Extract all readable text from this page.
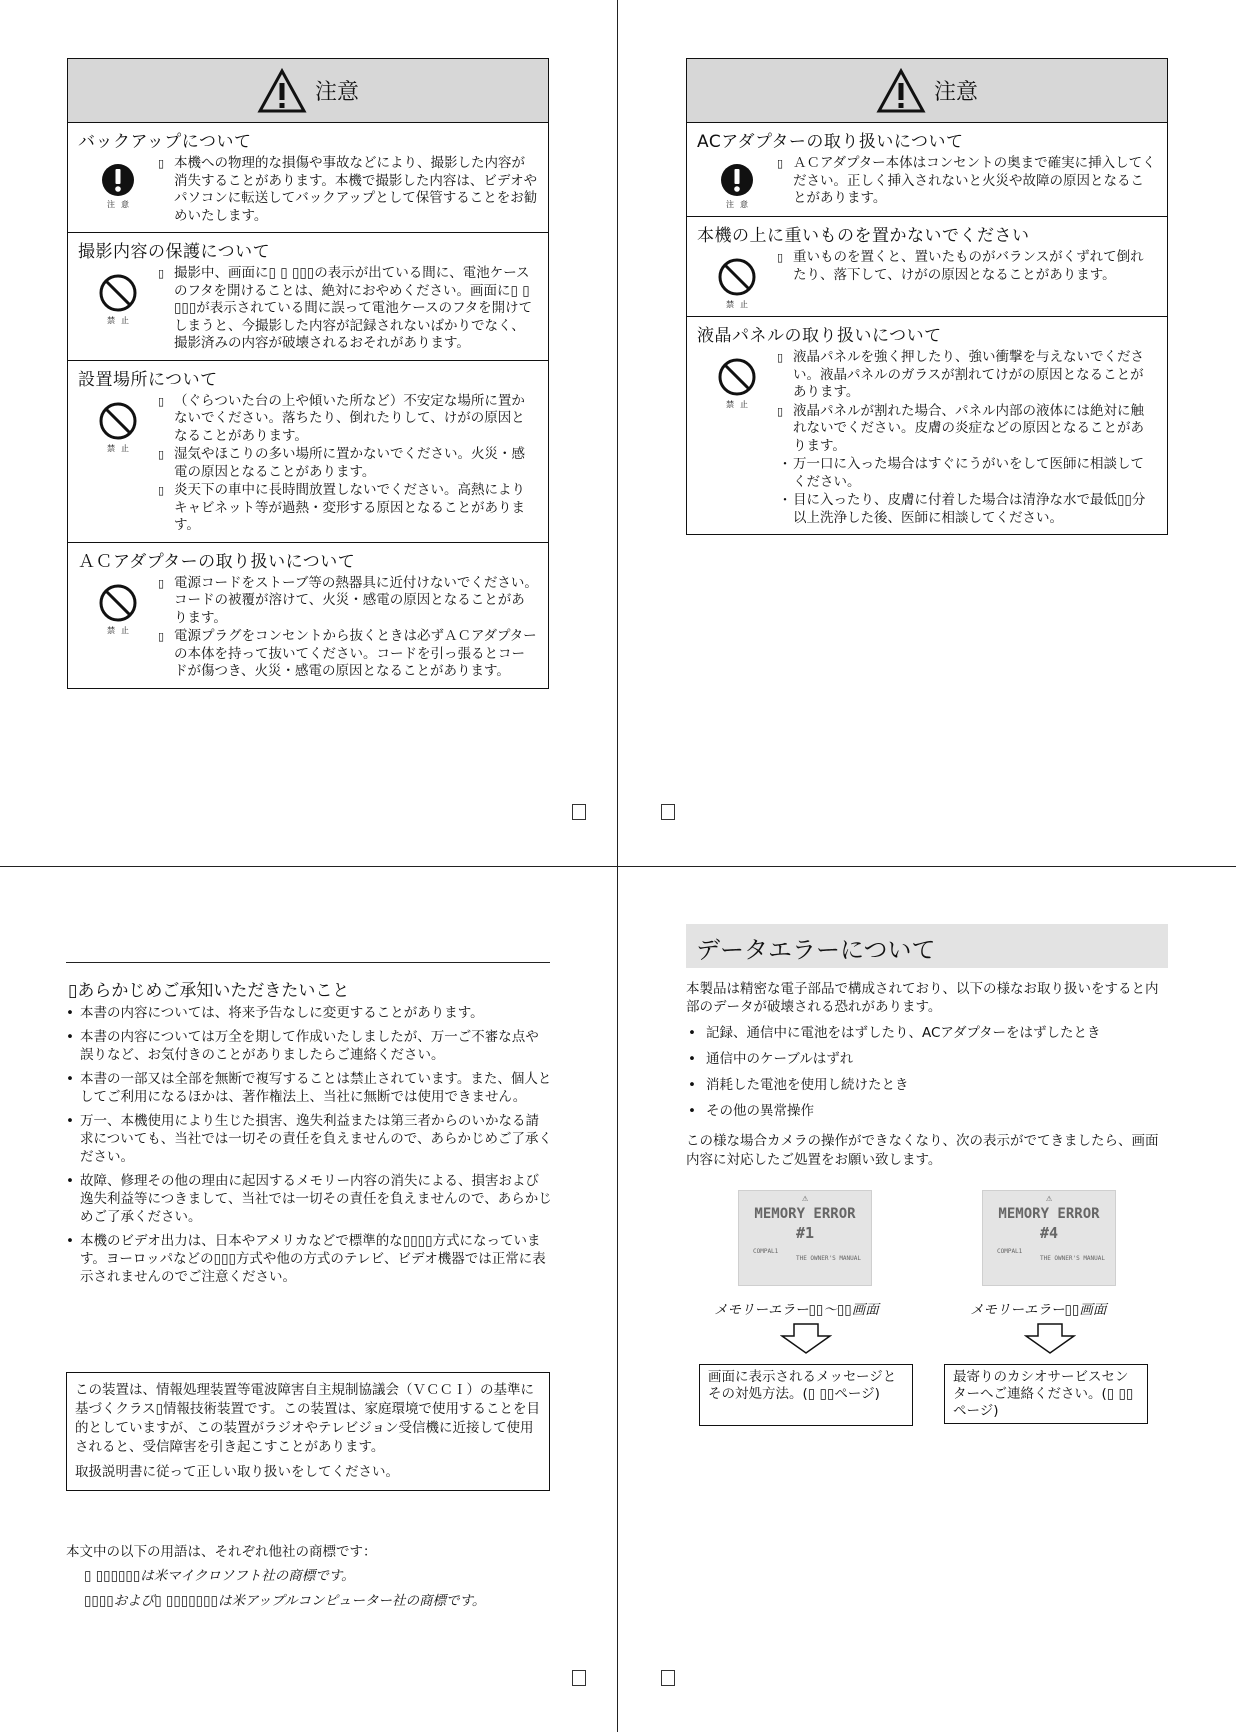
注意
バックアップについて
注意
▯ 本機への物理的な損傷や事故などにより、撮影した内容が消失することがあります。本機で撮影した内容は、ビデオやパソコンに転送してバックアップとして保管することをお勧めいたします。
撮影内容の保護について
禁止
▯ 撮影中、画面に▯ ▯ ▯▯▯の表示が出ている間に、電池ケースのフタを開けることは、絶対におやめください。画面に▯ ▯ ▯▯▯が表示されている間に誤って電池ケースのフタを開けてしまうと、今撮影した内容が記録されないばかりでなく、撮影済みの内容が破壊されるおそれがあります。
設置場所について
禁止
▯ （ぐらついた台の上や傾いた所など）不安定な場所に置かないでください。落ちたり、倒れたりして、けがの原因となることがあります。
▯ 湿気やほこりの多い場所に置かないでください。火災・感電の原因となることがあります。
▯ 炎天下の車中に長時間放置しないでください。高熱によりキャビネット等が過熱・変形する原因となることがあります。
ＡＣアダプターの取り扱いについて
禁止
▯ 電源コードをストーブ等の熱器具に近付けないでください。コードの被覆が溶けて、火災・感電の原因となることがあります。
▯ 電源プラグをコンセントから抜くときは必ずＡＣアダプターの本体を持って抜いてください。コードを引っ張るとコードが傷つき、火災・感電の原因となることがあります。
注意
ACアダプターの取り扱いについて
注意
▯ ＡＣアダプター本体はコンセントの奥まで確実に挿入してください。正しく挿入されないと火災や故障の原因となることがあります。
本機の上に重いものを置かないでください
禁止
▯ 重いものを置くと、置いたものがバランスがくずれて倒れたり、落下して、けがの原因となることがあります。
液晶パネルの取り扱いについて
禁止
▯ 液晶パネルを強く押したり、強い衝撃を与えないでください。液晶パネルのガラスが割れてけがの原因となることがあります。
▯ 液晶パネルが割れた場合、パネル内部の液体には絶対に触れないでください。皮膚の炎症などの原因となることがあります。
・ 万一口に入った場合はすぐにうがいをして医師に相談してください。
・ 目に入ったり、皮膚に付着した場合は清浄な水で最低▯▯分以上洗浄した後、医師に相談してください。
▯あらかじめご承知いただきたいこと
• 本書の内容については、将来予告なしに変更することがあります。
• 本書の内容については万全を期して作成いたしましたが、万一ご不審な点や誤りなど、お気付きのことがありましたらご連絡ください。
• 本書の一部又は全部を無断で複写することは禁止されています。また、個人としてご利用になるほかは、著作権法上、当社に無断では使用できません。
• 万一、本機使用により生じた損害、逸失利益または第三者からのいかなる請求についても、当社では一切その責任を負えませんので、あらかじめご了承ください。
• 故障、修理その他の理由に起因するメモリー内容の消失による、損害および逸失利益等につきまして、当社では一切その責任を負えませんので、あらかじめご了承ください。
• 本機のビデオ出力は、日本やアメリカなどで標準的な▯▯▯▯方式になっています。ヨーロッパなどの▯▯▯方式や他の方式のテレビ、ビデオ機器では正常に表示されませんのでご注意ください。

この装置は、情報処理装置等電波障害自主規制協議会（ＶＣＣＩ）の基準に基づくクラス▯情報技術装置です。この装置は、家庭環境で使用することを目的としていますが、この装置がラジオやテレビジョン受信機に近接して使用されると、受信障害を引き起こすことがあります。

取扱説明書に従って正しい取り扱いをしてください。

本文中の以下の用語は、それぞれ他社の商標です：
▯ ▯▯▯▯▯▯は米マイクロソフト社の商標です。
▯▯▯▯および▯ ▯▯▯▯▯▯▯は米アップルコンピューター社の商標です。
データエラーについて
本製品は精密な電子部品で構成されており、以下の様なお取り扱いをすると内部のデータが破壊される恐れがあります。
• 記録、通信中に電池をはずしたり、ACアダプターをはずしたとき
• 通信中のケーブルはずれ
• 消耗した電池を使用し続けたとき
• その他の異常操作
この様な場合カメラの操作ができなくなり、次の表示がでてきましたら、画面内容に対応したご処置をお願い致します。
⚠
MEMORY ERROR
#1
COMPAL1
THE OWNER'S MANUAL
メモリーエラー▯▯〜▯▯画面
画面に表示されるメッセージとその対処方法。(▯ ▯▯ページ)
⚠
MEMORY ERROR
#4
COMPAL1
THE OWNER'S MANUAL
メモリーエラー▯▯画面
最寄りのカシオサービスセンターへご連絡ください。(▯ ▯▯ページ)
